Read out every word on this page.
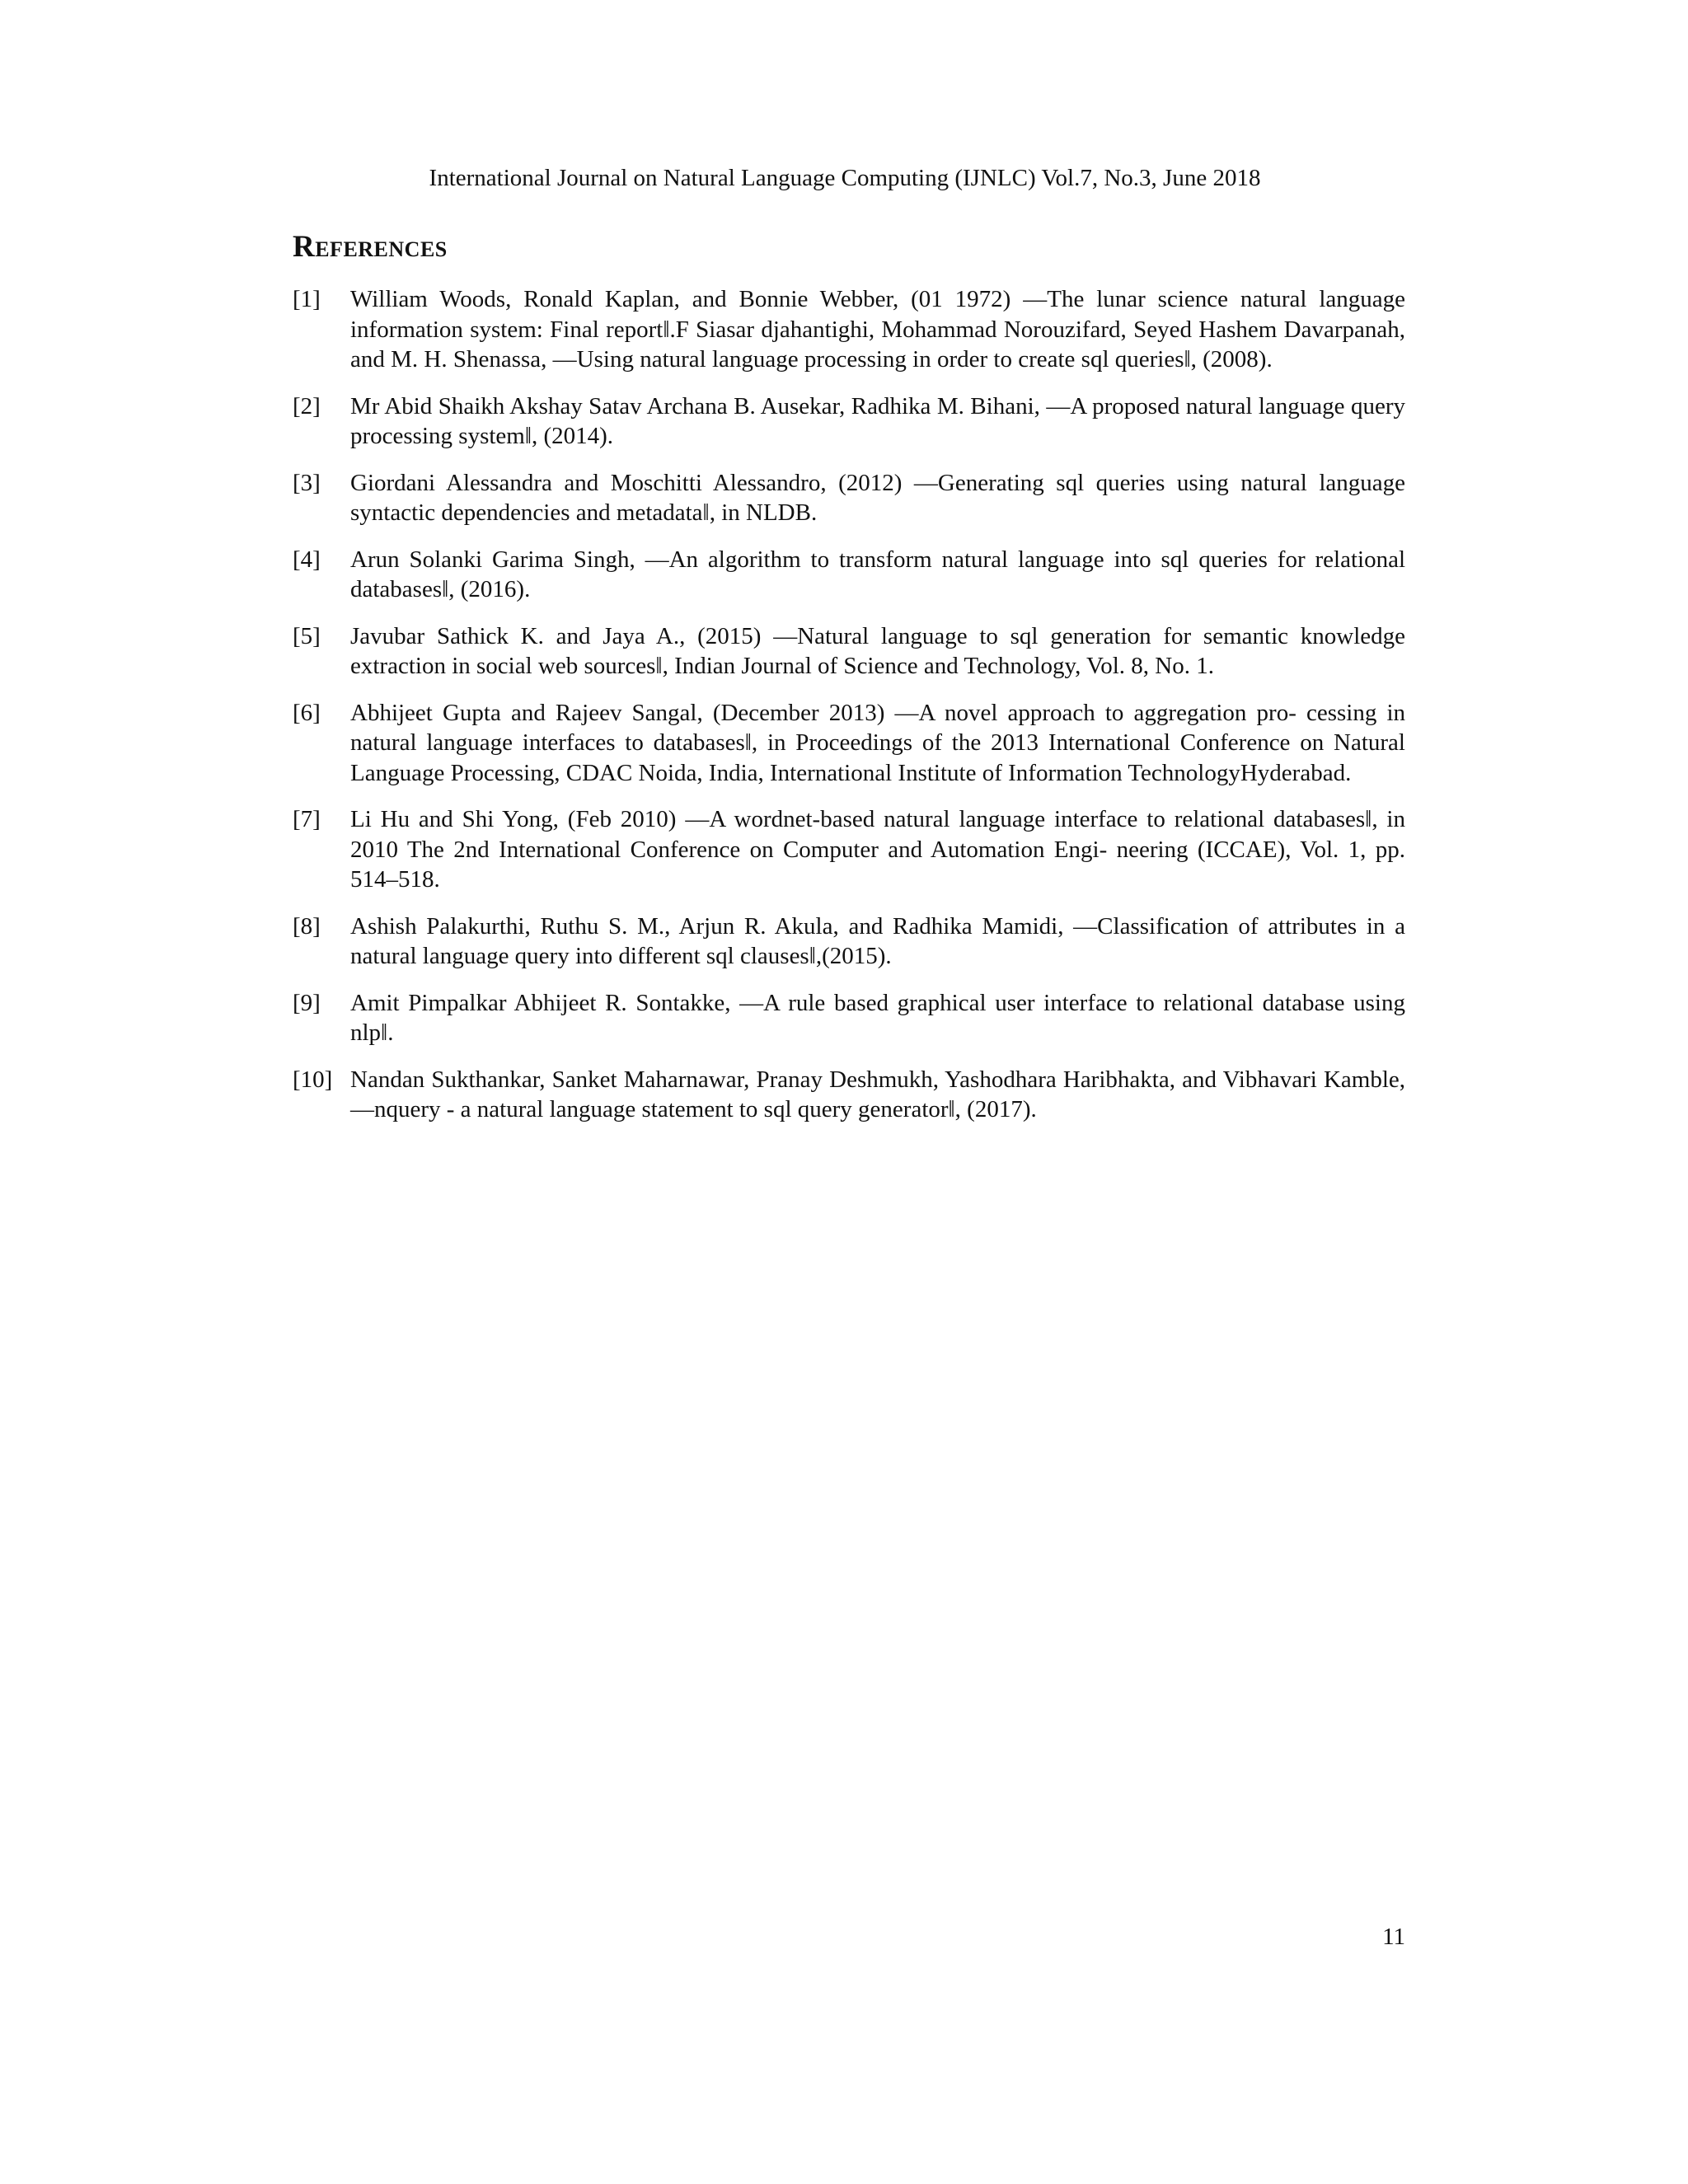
International Journal on Natural Language Computing (IJNLC) Vol.7, No.3, June 2018
References
[1]	William Woods, Ronald Kaplan, and Bonnie Webber, (01 1972) ―The lunar science natural language information system: Final report‖.F Siasar djahantighi, Mohammad Norouzifard, Seyed Hashem Davarpanah, and M. H. Shenassa, ―Using natural language processing in order to create sql queries‖, (2008).
[2]	Mr Abid Shaikh Akshay Satav Archana B. Ausekar, Radhika M. Bihani, ―A proposed natural language query processing system‖, (2014).
[3]	Giordani Alessandra and Moschitti Alessandro, (2012) ―Generating sql queries using natural language syntactic dependencies and metadata‖, in NLDB.
[4]	Arun Solanki Garima Singh, ―An algorithm to transform natural language into sql queries for relational databases‖, (2016).
[5]	Javubar Sathick K. and Jaya A., (2015) ―Natural language to sql generation for semantic knowledge extraction in social web sources‖, Indian Journal of Science and Technology, Vol. 8, No. 1.
[6]	Abhijeet Gupta and Rajeev Sangal, (December 2013) ―A novel approach to aggregation pro- cessing in natural language interfaces to databases‖, in Proceedings of the 2013 International Conference on Natural Language Processing, CDAC Noida, India, International Institute of Information TechnologyHyderabad.
[7]	Li Hu and Shi Yong, (Feb 2010) ―A wordnet-based natural language interface to relational databases‖, in 2010 The 2nd International Conference on Computer and Automation Engi- neering (ICCAE), Vol. 1, pp. 514–518.
[8]	Ashish Palakurthi, Ruthu S. M., Arjun R. Akula, and Radhika Mamidi, ―Classification of attributes in a natural language query into different sql clauses‖,(2015).
[9]	Amit Pimpalkar Abhijeet R. Sontakke, ―A rule based graphical user interface to relational database using nlp‖.
[10] Nandan Sukthankar, Sanket Maharnawar, Pranay Deshmukh, Yashodhara Haribhakta, and Vibhavari Kamble, ―nquery - a natural language statement to sql query generator‖, (2017).
11
